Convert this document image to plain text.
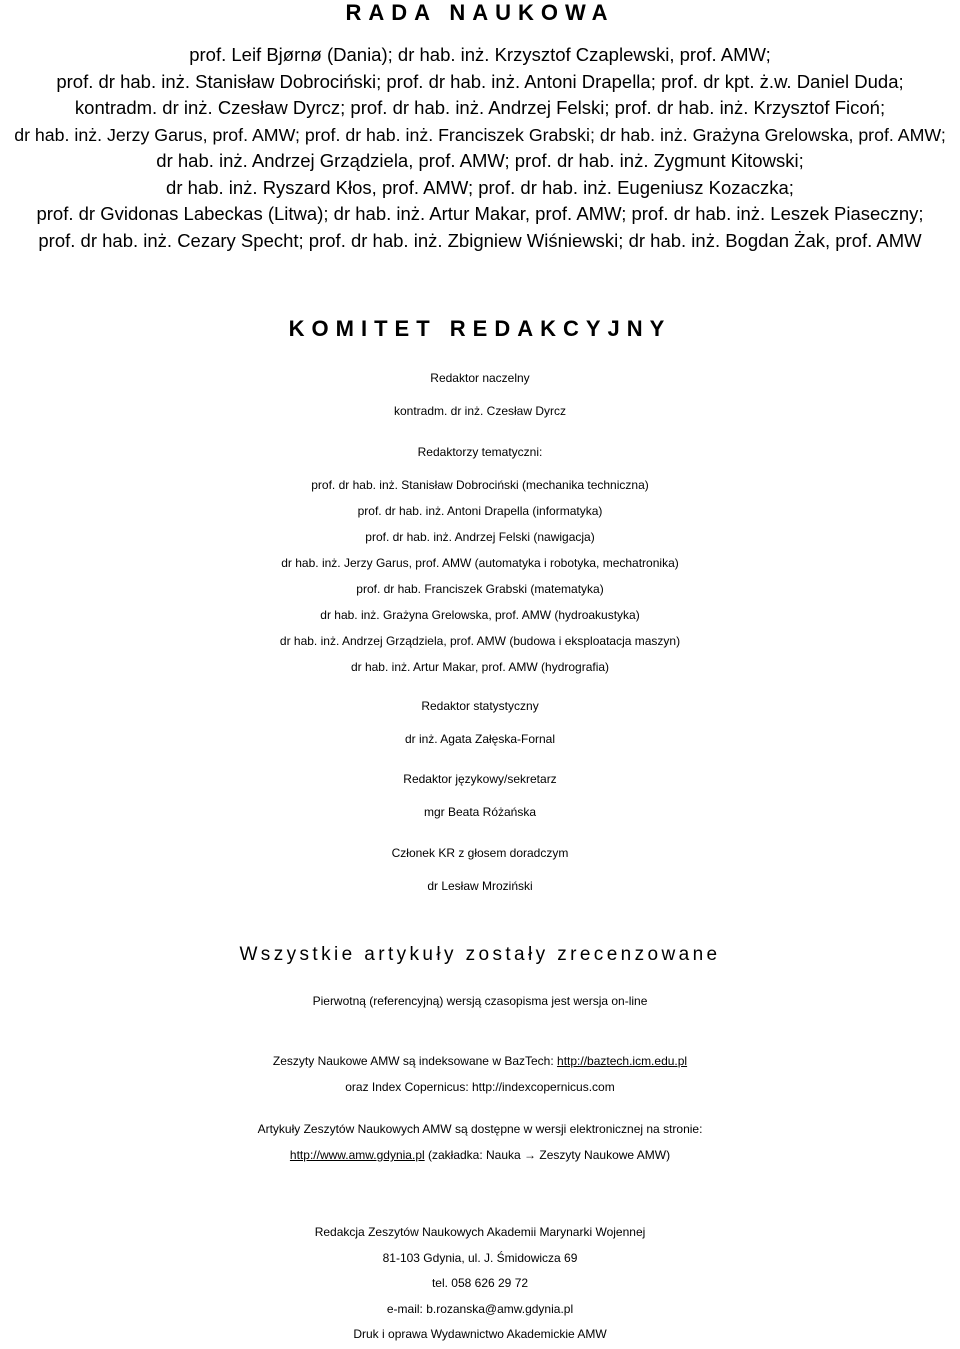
RADA NAUKOWA
prof. Leif Bjørnø (Dania); dr hab. inż. Krzysztof Czaplewski, prof. AMW;
prof. dr hab. inż. Stanisław Dobrociński; prof. dr hab. inż. Antoni Drapella; prof. dr kpt. ż.w. Daniel Duda;
kontradm. dr inż. Czesław Dyrcz; prof. dr hab. inż. Andrzej Felski; prof. dr hab. inż. Krzysztof Ficoń;
dr hab. inż. Jerzy Garus, prof. AMW; prof. dr hab. inż. Franciszek Grabski; dr hab. inż. Grażyna Grelowska, prof. AMW;
dr hab. inż. Andrzej Grządziela, prof. AMW; prof. dr hab. inż. Zygmunt Kitowski;
dr hab. inż. Ryszard Kłos, prof. AMW; prof. dr hab. inż. Eugeniusz Kozaczka;
prof. dr Gvidonas Labeckas (Litwa); dr hab. inż. Artur Makar, prof. AMW; prof. dr hab. inż. Leszek Piaseczny;
prof. dr hab. inż. Cezary Specht; prof. dr hab. inż. Zbigniew Wiśniewski; dr hab. inż. Bogdan Żak, prof. AMW
KOMITET REDAKCYJNY
Redaktor naczelny
kontradm. dr inż. Czesław Dyrcz
Redaktorzy tematyczni:
prof. dr hab. inż. Stanisław Dobrociński (mechanika techniczna)
prof. dr hab. inż. Antoni Drapella (informatyka)
prof. dr hab. inż. Andrzej Felski (nawigacja)
dr hab. inż. Jerzy Garus, prof. AMW (automatyka i robotyka, mechatronika)
prof. dr hab. Franciszek Grabski (matematyka)
dr hab. inż. Grażyna Grelowska, prof. AMW (hydroakustyka)
dr hab. inż. Andrzej Grządziela, prof. AMW (budowa i eksploatacja maszyn)
dr hab. inż. Artur Makar, prof. AMW (hydrografia)
Redaktor statystyczny
dr inż. Agata Załęska-Fornal
Redaktor językowy/sekretarz
mgr Beata Różańska
Członek KR z głosem doradczym
dr Lesław Mroziński
Wszystkie artykuły zostały zrecenzowane
Pierwotną (referencyjną) wersją czasopisma jest wersja on-line
Zeszyty Naukowe AMW są indeksowane w BazTech: http://baztech.icm.edu.pl
oraz Index Copernicus: http://indexcopernicus.com
Artykuły Zeszytów Naukowych AMW są dostępne w wersji elektronicznej na stronie:
http://www.amw.gdynia.pl (zakładka: Nauka → Zeszyty Naukowe AMW)
Redakcja Zeszytów Naukowych Akademii Marynarki Wojennej
81-103 Gdynia, ul. J. Śmidowicza 69
tel. 058 626 29 72
e-mail: b.rozanska@amw.gdynia.pl
Druk i oprawa Wydawnictwo Akademickie AMW
